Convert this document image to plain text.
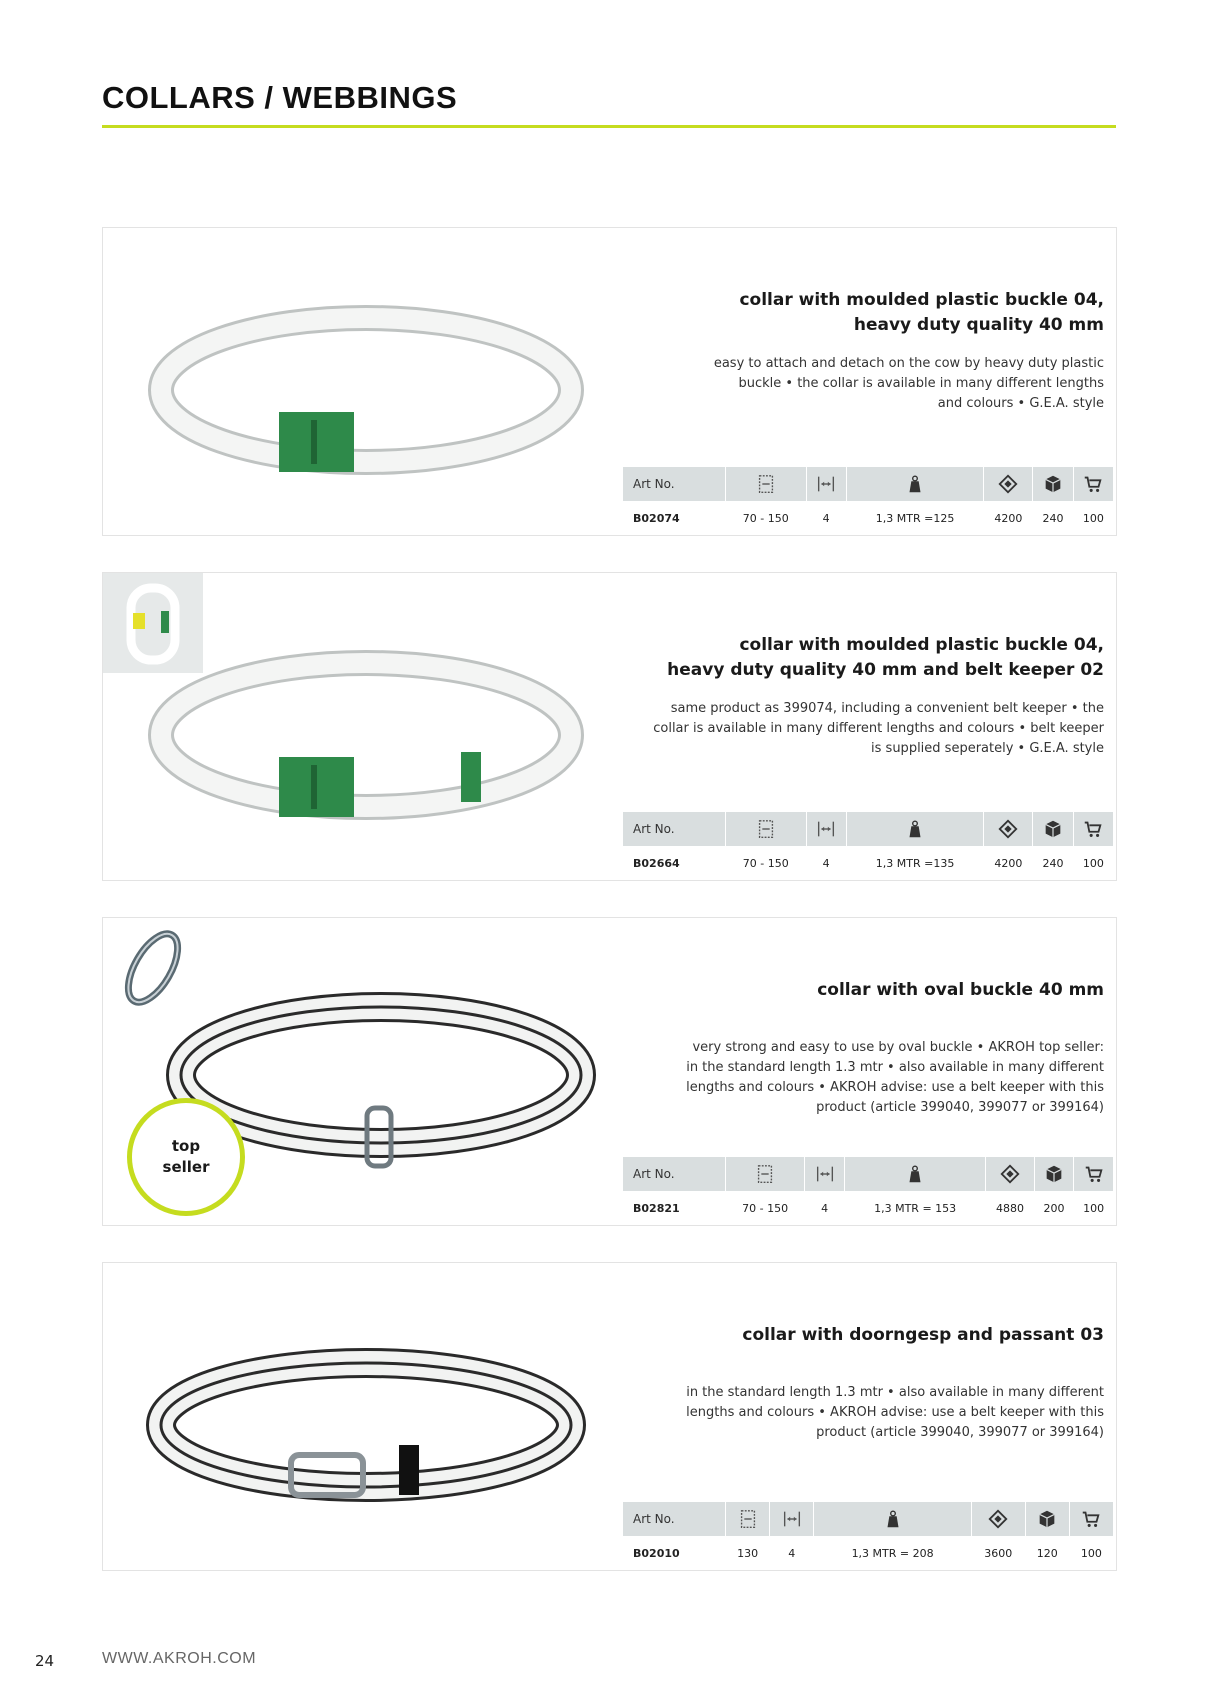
COLLARS / WEBBINGS
collar with moulded plastic buckle 04,
heavy duty quality 40 mm
easy to attach and detach on the cow by heavy duty plastic
buckle • the collar is available in many different lengths
and colours • G.E.A. style
Art No.						
B02074	70 - 150	4	1,3 MTR =125	4200	240	100
collar with moulded plastic buckle 04,
heavy duty quality 40 mm and belt keeper 02
same product as 399074, including a convenient belt keeper • the
collar is available in many different lengths and colours • belt keeper
is supplied seperately • G.E.A. style
Art No.						
B02664	70 - 150	4	1,3 MTR =135	4200	240	100
top
seller
collar with oval buckle 40 mm
very strong and easy to use by oval buckle • AKROH top seller:
in the standard length 1.3 mtr • also available in many different
lengths and colours • AKROH advise: use a belt keeper with this
product (article 399040, 399077 or 399164)
Art No.						
B02821	70 - 150	4	1,3 MTR = 153	4880	200	100
collar with doorngesp and passant 03
in the standard length 1.3 mtr • also available in many different
lengths and colours • AKROH advise: use a belt keeper with this
product (article 399040, 399077 or 399164)
Art No.						
B02010	130	4	1,3 MTR = 208	3600	120	100
24	WWW.AKROH.COM
